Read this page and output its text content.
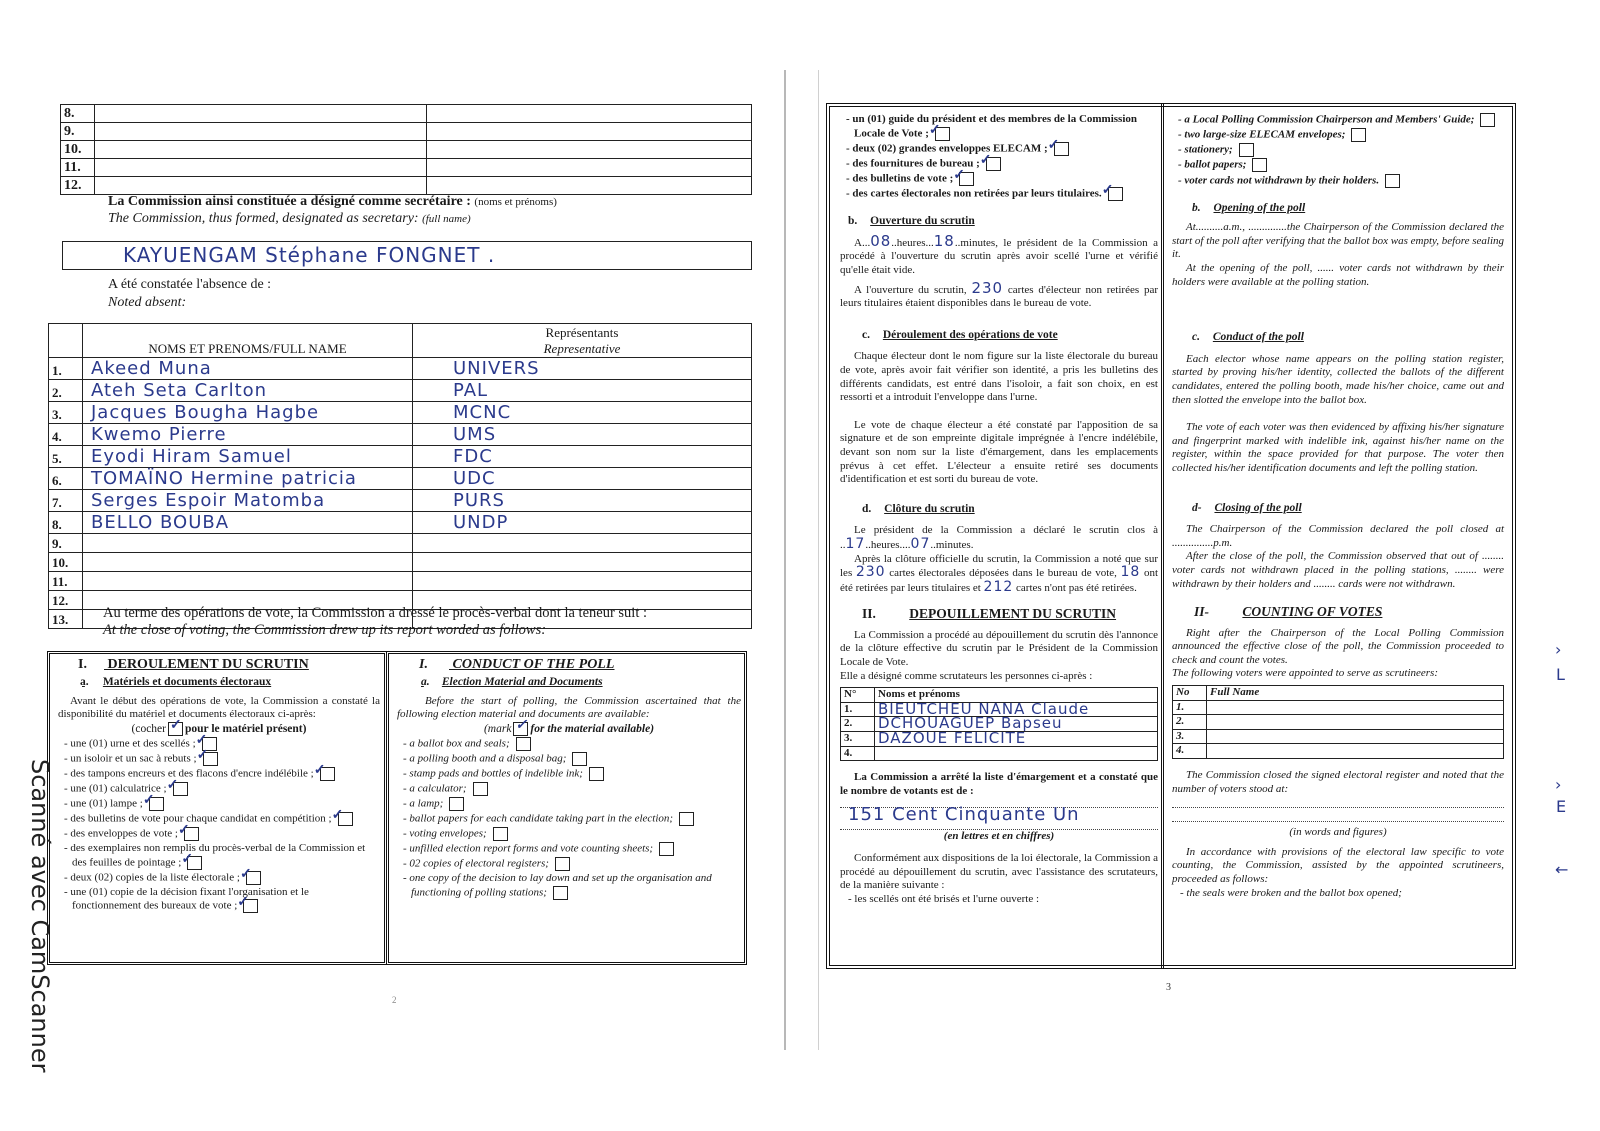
8.		
9.		
10.		
11.		
12.		
La Commission ainsi constituée a désigné comme secrétaire : (noms et prénoms)
The Commission, thus formed, designated as secretary: (full name)
KAYUENGAM Stéphane FONGNET .
A été constatée l'absence de :
Noted absent:
	NOMS ET PRENOMS/FULL NAME	Représentants
Representative

1.	Akeed Muna	UNIVERS
2.	Ateh Seta Carlton	PAL
3.	Jacques Bougha Hagbe	MCNC
4.	Kwemo Pierre	UMS
5.	Eyodi Hiram Samuel	FDC
6.	TOMAÏNO Hermine patricia	UDC
7.	Serges Espoir Matomba	PURS
8.	BELLO BOUBA	UNDP
9.		
10.		
11.		
12.		
13.		Au terme des opérations de vote, la Commission a dressé le procès-verbal dont la teneur suit :
At the close of voting, the Commission drew up its report worded as follows:
I. DEROULEMENT DU SCRUTIN
a. Matériels et documents électoraux

Avant le début des opérations de vote, la Commission a constaté la disponibilité du matériel et documents électoraux ci-après:

(cocher ✓ pour le matériel présent)
- une (01) urne et des scellés ;✓
- un isoloir et un sac à rebuts ;✓
- des tampons encreurs et des flacons d'encre indélébile ;✓
- une (01) calculatrice ;✓
- une (01) lampe ;✓
- des bulletins de vote pour chaque candidat en compétition ;✓
- des enveloppes de vote ;✓
- des exemplaires non remplis du procès-verbal de la Commission et des feuilles de pointage ;✓
- deux (02) copies de la liste électorale ;✓
- une (01) copie de la décision fixant l'organisation et le fonctionnement des bureaux de vote ;✓
I. CONDUCT OF THE POLL
a. Election Material and Documents

Before the start of polling, the Commission ascertained that the following election material and documents are available:

(mark ✓ for the material available)
- a ballot box and seals;
- a polling booth and a disposal bag;
- stamp pads and bottles of indelible ink;
- a calculator;
- a lamp;
- ballot papers for each candidate taking part in the election;
- voting envelopes;
- unfilled election report forms and vote counting sheets;
- 02 copies of electoral registers;
- one copy of the decision to lay down and set up the organisation and functioning of polling stations;
2
Scanné avec CamScanner
- un (01) guide du président et des membres de la Commission Locale de Vote ;✓
- deux (02) grandes enveloppes ELECAM ;✓
- des fournitures de bureau ;✓
- des bulletins de vote ;✓
- des cartes électorales non retirées par leurs titulaires.✓
b. Ouverture du scrutin

A...08..heures...18..minutes, le président de la Commission a procédé à l'ouverture du scrutin après avoir scellé l'urne et vérifié qu'elle était vide.

A l'ouverture du scrutin, 230 cartes d'électeur non retirées par leurs titulaires étaient disponibles dans le bureau de vote.

c. Déroulement des opérations de vote

Chaque électeur dont le nom figure sur la liste électorale du bureau de vote, après avoir fait vérifier son identité, a pris les bulletins des différents candidats, est entré dans l'isoloir, a fait son choix, en est ressorti et a introduit l'enveloppe dans l'urne.

Le vote de chaque électeur a été constaté par l'apposition de sa signature et de son empreinte digitale imprégnée à l'encre indélébile, devant son nom sur la liste d'émargement, dans les emplacements prévus à cet effet. L'électeur a ensuite retiré ses documents d'identification et est sorti du bureau de vote.

d. Clôture du scrutin

Le président de la Commission a déclaré le scrutin clos à ..17..heures....07..minutes.

Après la clôture officielle du scrutin, la Commission a noté que sur les 230 cartes électorales déposées dans le bureau de vote, 18 ont été retirées par leurs titulaires et 212 cartes n'ont pas été retirées.

II. DEPOUILLEMENT DU SCRUTIN

La Commission a procédé au dépouillement du scrutin dès l'annonce de la clôture effective du scrutin par le Président de la Commission Locale de Vote.

Elle a désigné comme scrutateurs les personnes ci-après :

N°	Noms et prénoms
1.	BIEUTCHEU NANA Claude
2.	DCHOUAGUEP Bapseu
3.	DAZOUE FELICITE
4.	

La Commission a arrêté la liste d'émargement et a constaté que le nombre de votants est de :

151 Cent Cinquante Un
(en lettres et en chiffres)

Conformément aux dispositions de la loi électorale, la Commission a procédé au dépouillement du scrutin, avec l'assistance des scrutateurs, de la manière suivante :

- les scellés ont été brisés et l'urne ouverte :

- a Local Polling Commission Chairperson and Members' Guide;
- two large-size ELECAM envelopes;
- stationery;
- ballot papers;
- voter cards not withdrawn by their holders.
b. Opening of the poll

At..........a.m., ..............the Chairperson of the Commission declared the start of the poll after verifying that the ballot box was empty, before sealing it.

At the opening of the poll, ...... voter cards not withdrawn by their holders were available at the polling station.

c. Conduct of the poll

Each elector whose name appears on the polling station register, started by proving his/her identity, collected the ballots of the different candidates, entered the polling booth, made his/her choice, came out and then slotted the envelope into the ballot box.

The vote of each voter was then evidenced by affixing his/her signature and fingerprint marked with indelible ink, against his/her name on the register, within the space provided for that purpose. The voter then collected his/her identification documents and left the polling station.

d- Closing of the poll

The Chairperson of the Commission declared the poll closed at ...............p.m.

After the close of the poll, the Commission observed that out of ........ voter cards not withdrawn placed in the polling stations, ........ were withdrawn by their holders and ........ cards were not withdrawn.

II- COUNTING OF VOTES

Right after the Chairperson of the Local Polling Commission announced the effective close of the poll, the Commission proceeded to check and count the votes.

The following voters were appointed to serve as scrutineers:

No	Full Name
1.	
2.	
3.	
4.	

The Commission closed the signed electoral register and noted that the number of voters stood at:

(in words and figures)

In accordance with provisions of the electoral law specific to vote counting, the Commission, assisted by the appointed scrutineers, proceeded as follows:

- the seals were broken and the ballot box opened;

3
›
L
›
E
←
